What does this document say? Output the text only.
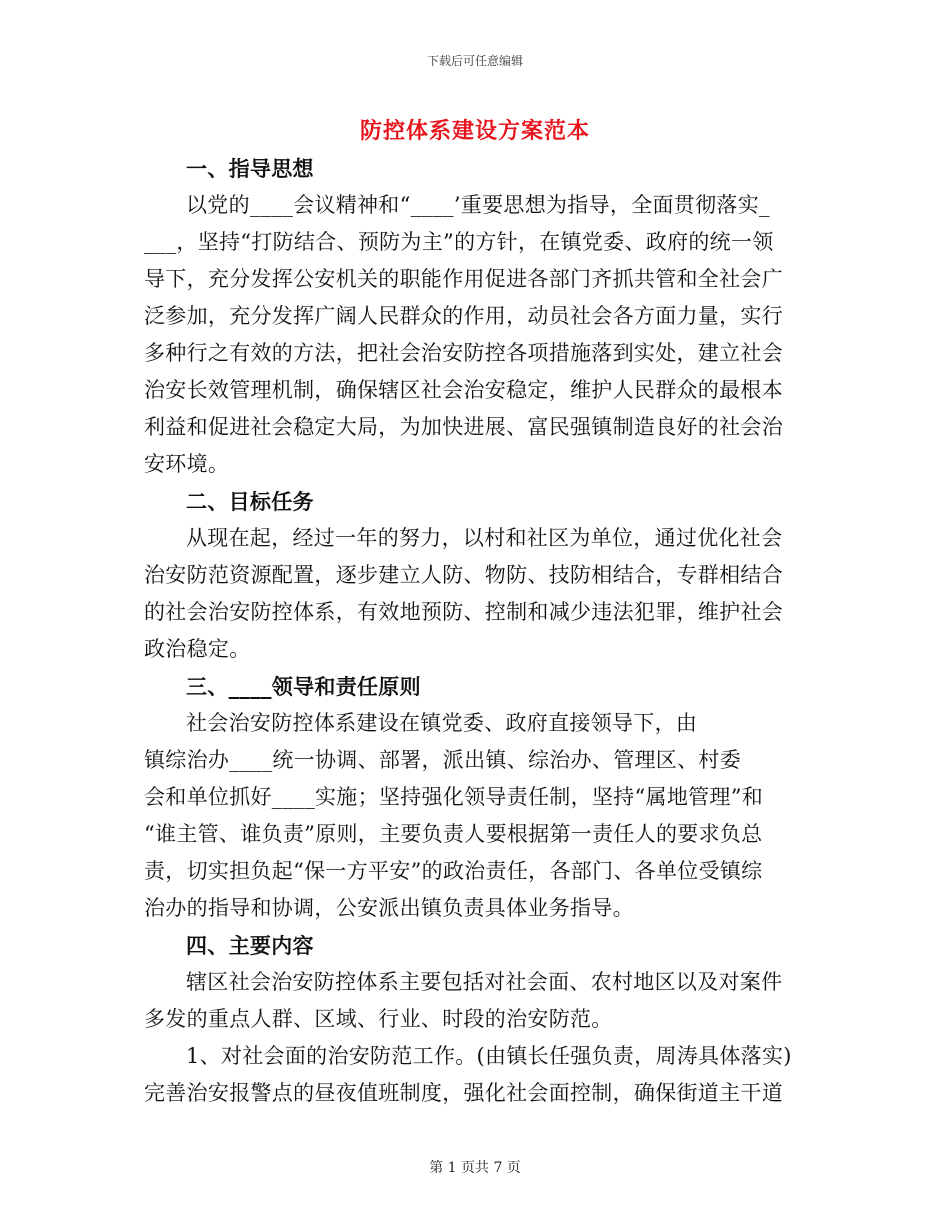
下载后可任意编辑
防控体系建设方案范本
一、指导思想
以党的____会议精神和“____’重要思想为指导，全面贯彻落实_
___，坚持“打防结合、预防为主”的方针，在镇党委、政府的统一领
导下，充分发挥公安机关的职能作用促进各部门齐抓共管和全社会广
泛参加，充分发挥广阔人民群众的作用，动员社会各方面力量，实行
多种行之有效的方法，把社会治安防控各项措施落到实处，建立社会
治安长效管理机制，确保辖区社会治安稳定，维护人民群众的最根本
利益和促进社会稳定大局，为加快进展、富民强镇制造良好的社会治
安环境。
二、目标任务
从现在起，经过一年的努力，以村和社区为单位，通过优化社会
治安防范资源配置，逐步建立人防、物防、技防相结合，专群相结合
的社会治安防控体系，有效地预防、控制和减少违法犯罪，维护社会
政治稳定。
三、____领导和责任原则
社会治安防控体系建设在镇党委、政府直接领导下，由
镇综治办____统一协调、部署，派出镇、综治办、管理区、村委
会和单位抓好____实施；坚持强化领导责任制，坚持“属地管理”和
“谁主管、谁负责”原则，主要负责人要根据第一责任人的要求负总
责，切实担负起“保一方平安”的政治责任，各部门、各单位受镇综
治办的指导和协调，公安派出镇负责具体业务指导。
四、主要内容
辖区社会治安防控体系主要包括对社会面、农村地区以及对案件
多发的重点人群、区域、行业、时段的治安防范。
1、对社会面的治安防范工作。(由镇长任强负责，周涛具体落实)
完善治安报警点的昼夜值班制度，强化社会面控制，确保街道主干道
第 1 页共 7 页
